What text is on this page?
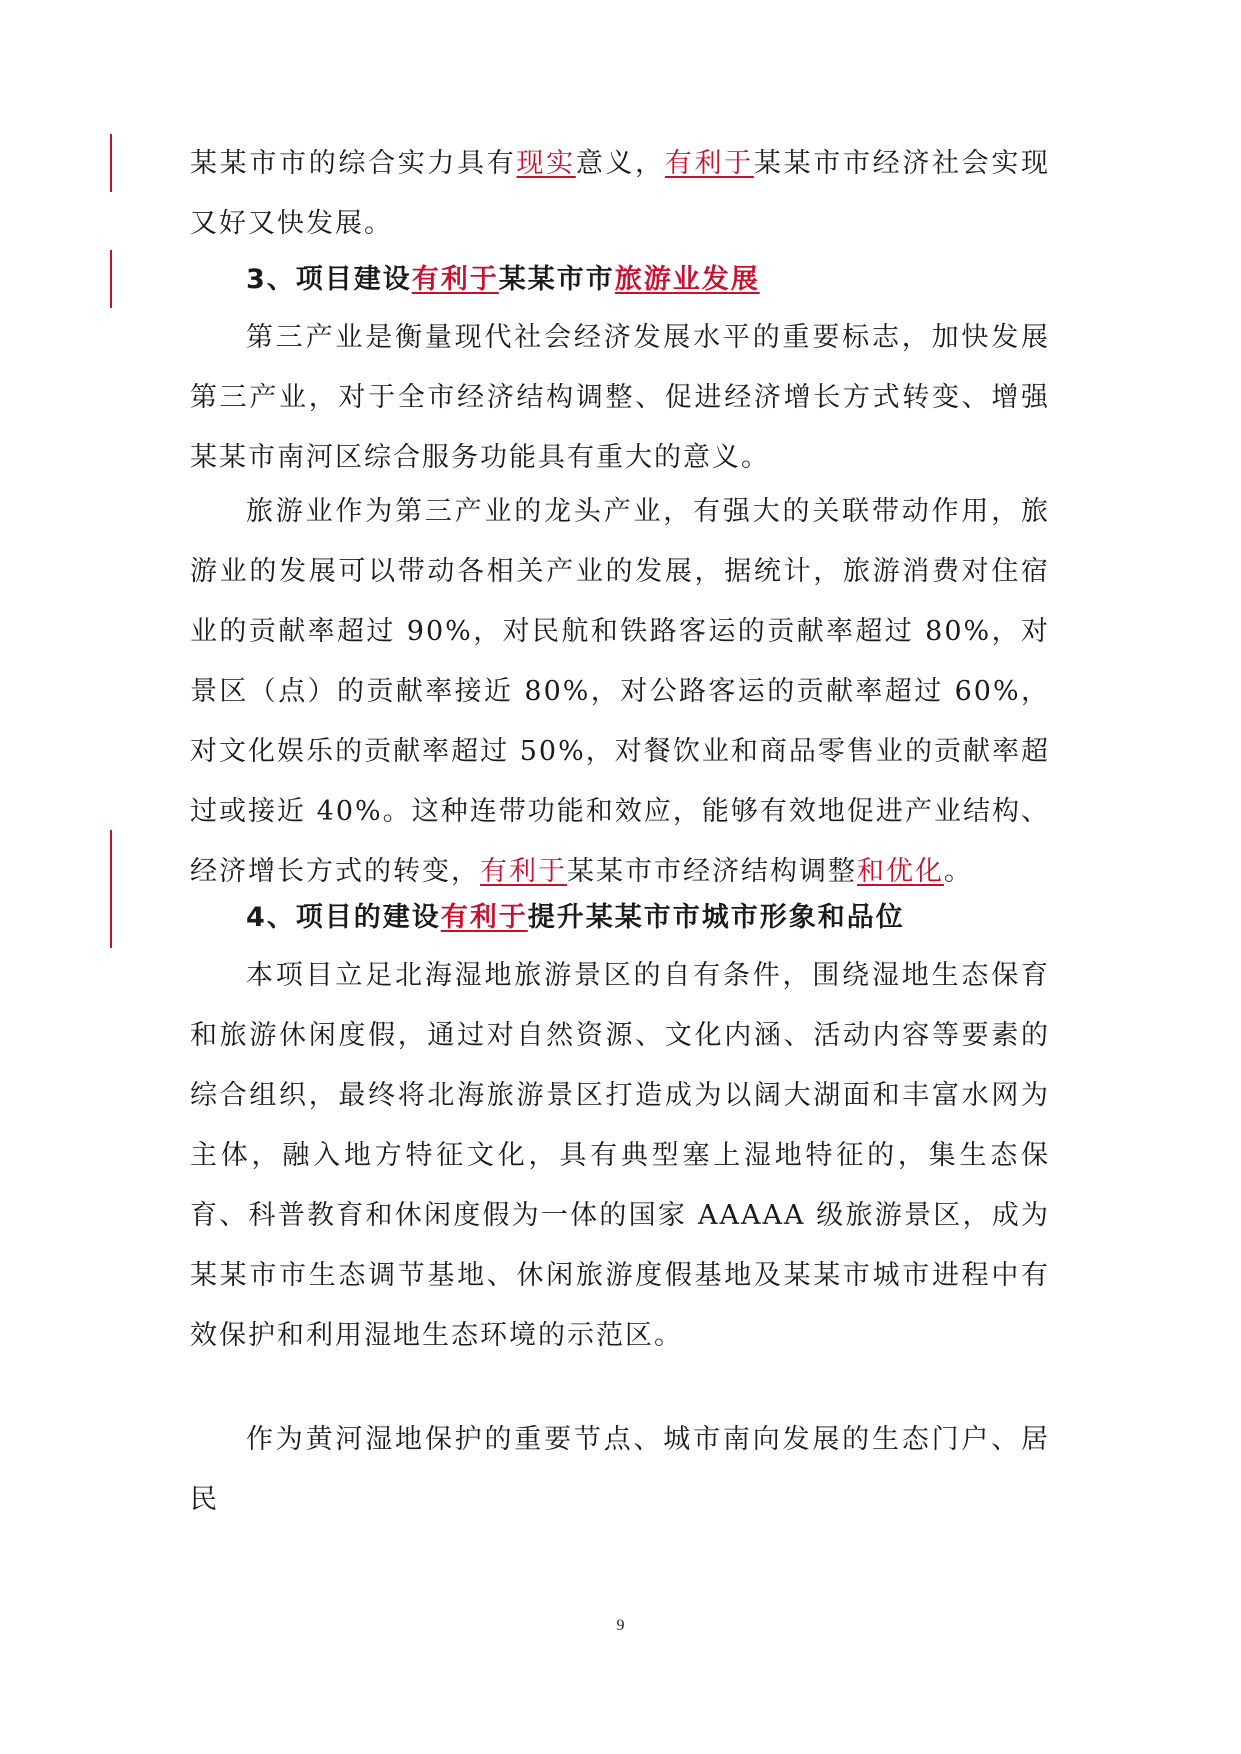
某某市市的综合实力具有现实意义，有利于某某市市经济社会实现又好又快发展。

3、项目建设有利于某某市市旅游业发展

第三产业是衡量现代社会经济发展水平的重要标志，加快发展第三产业，对于全市经济结构调整、促进经济增长方式转变、增强某某市南河区综合服务功能具有重大的意义。

旅游业作为第三产业的龙头产业，有强大的关联带动作用，旅游业的发展可以带动各相关产业的发展，据统计，旅游消费对住宿业的贡献率超过 90%，对民航和铁路客运的贡献率超过 80%，对景区（点）的贡献率接近 80%，对公路客运的贡献率超过 60%，对文化娱乐的贡献率超过 50%，对餐饮业和商品零售业的贡献率超过或接近 40%。这种连带功能和效应，能够有效地促进产业结构、经济增长方式的转变，有利于某某市市经济结构调整和优化。

4、项目的建设有利于提升某某市市城市形象和品位

本项目立足北海湿地旅游景区的自有条件，围绕湿地生态保育和旅游休闲度假，通过对自然资源、文化内涵、活动内容等要素的综合组织，最终将北海旅游景区打造成为以阔大湖面和丰富水网为主体，融入地方特征文化，具有典型塞上湿地特征的，集生态保育、科普教育和休闲度假为一体的国家 AAAAA 级旅游景区，成为某某市市生态调节基地、休闲旅游度假基地及某某市城市进程中有效保护和利用湿地生态环境的示范区。

作为黄河湿地保护的重要节点、城市南向发展的生态门户、居民

9
